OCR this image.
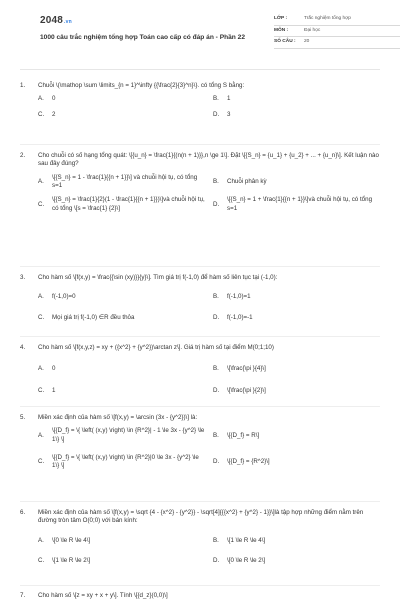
2048.vn
1000 câu trắc nghiệm tổng hợp Toán cao cấp có đáp án - Phần 22
LỚP :	Trắc nghiệm tổng hợp
MÔN :	Đại học
SỐ CÂU :	20
1.	Chuỗi \(\mathop \sum \limits_{n = 1}^\infty {{\frac{2}{3}^n}\}. có tổng S bằng:
A.	0	B.	1
C.	2	D.	3
2.	Cho chuỗi có số hạng tổng quát: \[{u_n} = \frac{1}{(n(n + 1)}},n \ge 1\]. Đặt \[{S_n} = {u_1} + {u_2} + ... + {u_n}\]. Kết luận nào sau đây đúng?
A.
\[{S_n} = 1 - \frac{1}{{n + 1}}\] và chuỗi hội tụ, có tổng s=1
B.	Chuỗi phân kỳ
C.
\[{S_n} = \frac{1}{2}(1 - \frac{1}{{n + 1}})\]và chuỗi hội tụ, có tổng \[s = \frac{1} {2}\]
D.
\[{S_n} = 1 + \frac{1}{{n + 1}}\]và chuỗi hội tụ, có tổng s=1
3.	Cho hàm số \[f(x,y) = \frac{{\sin (xy)}}{y}\]. Tìm giá trị f(-1,0) để hàm số liên tục tại (-1,0):
A.	f(-1,0)=0	B.	f(-1,0)=1
C.	Mọi giá trị f(-1,0) ∈R đều thỏa	D.	f(-1,0)=-1
4.	Cho hàm số \[f(x,y,z) = xy + ({x^2} + {y^2})\arctan z\]. Giá trị hàm số tại điểm M(0;1;10)
A.	0	B.	\[\frac{\pi }{4}\]
C.	1	D.	\[\frac{\pi }{2}\]
5.	Miền xác định của hàm số \[f(x,y) = \arcsin (3x - {y^2})\] là:
A.
\[{D_f} = \{ \left( (x,y) \right) \in {R^2}| - 1 \le 3x - {y^2} \le 1\} \]
B.	\[{D_f} = R\]
C.
\[{D_f} = \{ \left( (x,y) \right) \in {R^2}|0 \le 3x - {y^2} \le 1\} \]
D.	\[{D_f} = {R^2}\]
6.	Miền xác định của hàm số \[f(x,y) = \sqrt {4 - {x^2} - {y^2}} - \sqrt[4]{{{x^2} + {y^2} - 1}}\]là tập hợp những điểm nằm trên đường tròn tâm O(0;0) với bán kính:
A.	\[0 \le R \le 4\]	B.	\[1 \le R \le 4\]
C.	\[1 \le R \le 2\]	D.	\[0 \le R \le 2\]
7.	Cho hàm số \[z = xy + x + y\]. Tính \[{d_z}(0,0)\]
